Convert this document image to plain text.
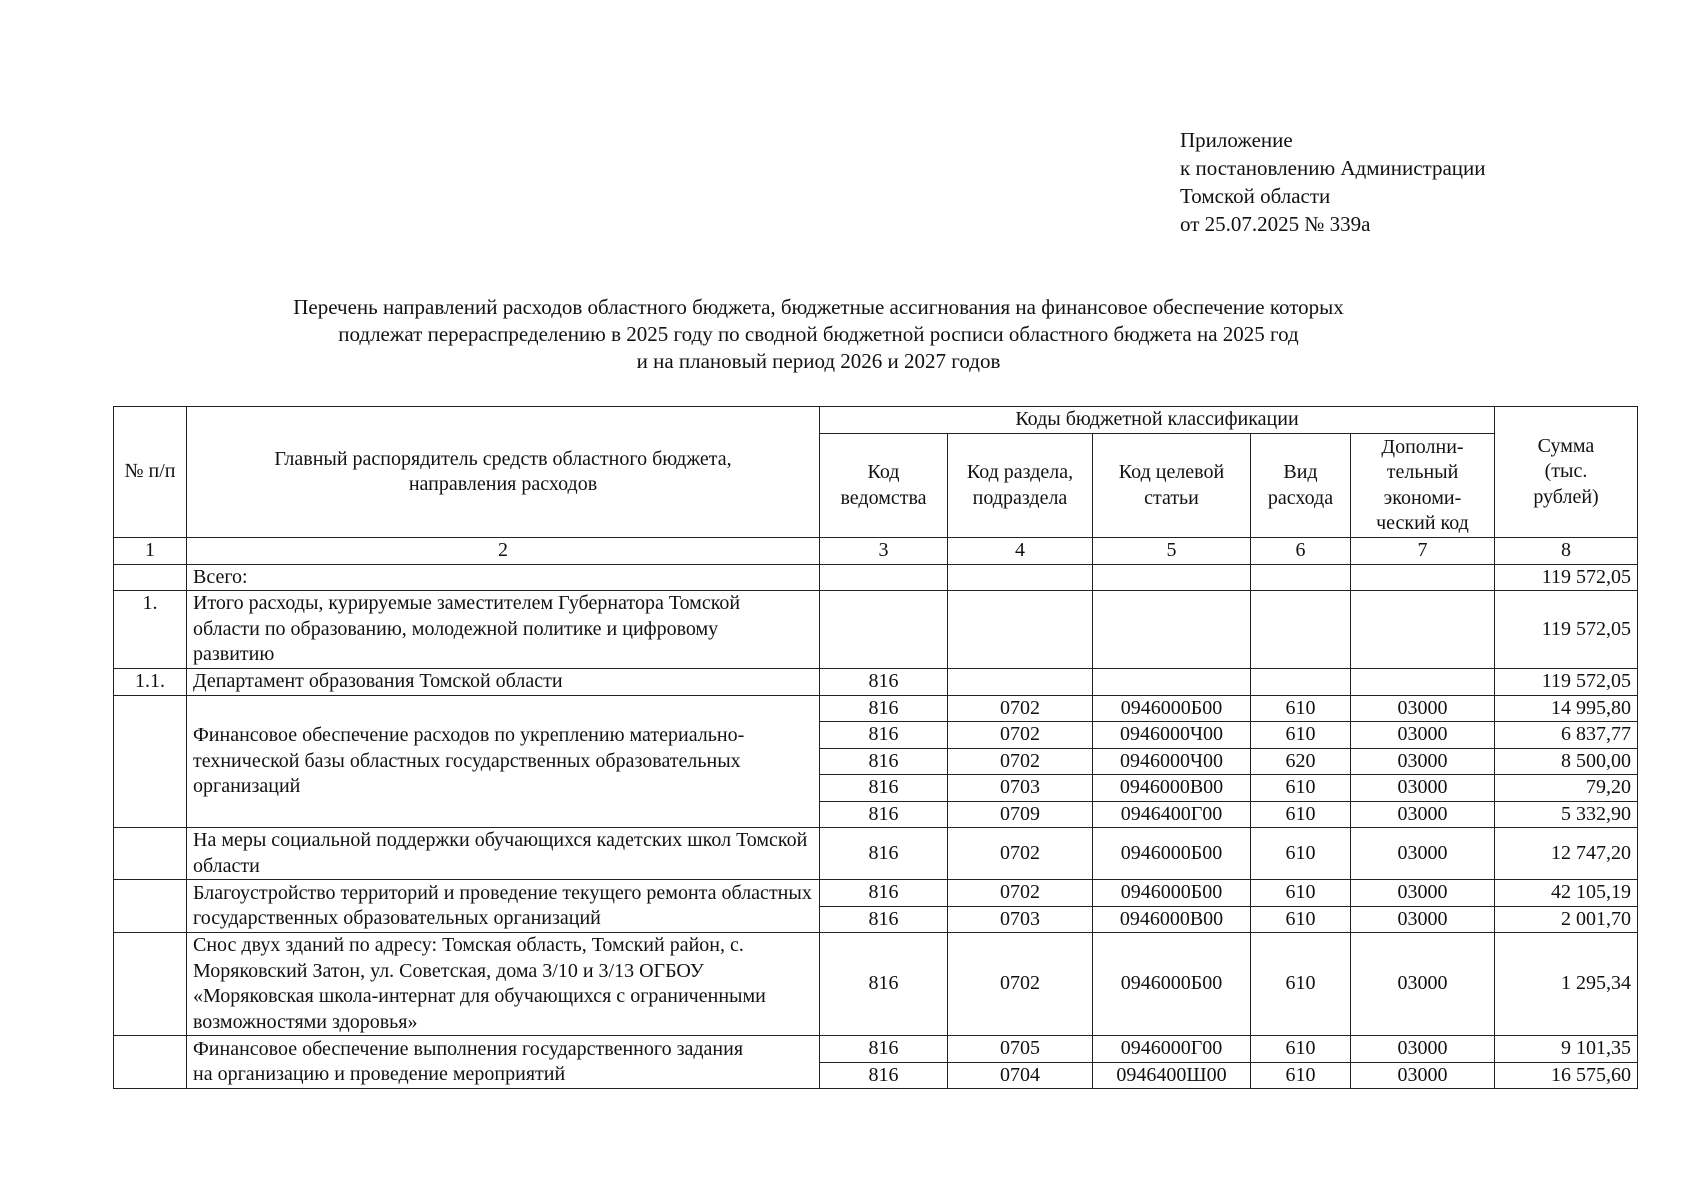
Приложение
к постановлению Администрации
Томской области
от 25.07.2025 № 339а
Перечень направлений расходов областного бюджета, бюджетные ассигнования на финансовое обеспечение которых
подлежат перераспределению в 2025 году по сводной бюджетной росписи областного бюджета на 2025 год
и на плановый период 2026 и 2027 годов
№ п/п	Главный распорядитель средств областного бюджета, направления расходов	Коды бюджетной классификации					Сумма (тыс. рублей)
		Код ведомства	Код раздела, подраздела	Код целевой статьи	Вид расхода	Дополни-тельный экономи-ческий код	
1	2	3	4	5	6	7	8
	Всего:						119 572,05
1.	Итого расходы, курируемые заместителем Губернатора Томской области по образованию, молодежной политике и цифровому развитию						119 572,05
1.1.	Департамент образования Томской области	816					119 572,05
	Финансовое обеспечение расходов по укреплению материально-технической базы областных государственных образовательных организаций	816	0702	0946000Б00	610	03000	14 995,80
		816	0702	0946000Ч00	610	03000	6 837,77
		816	0702	0946000Ч00	620	03000	8 500,00
		816	0703	0946000В00	610	03000	79,20
		816	0709	0946400Г00	610	03000	5 332,90
	На меры социальной поддержки обучающихся кадетских школ Томской области	816	0702	0946000Б00	610	03000	12 747,20
	Благоустройство территорий и проведение текущего ремонта областных государственных образовательных организаций	816	0702	0946000Б00	610	03000	42 105,19
		816	0703	0946000В00	610	03000	2 001,70
	Снос двух зданий по адресу: Томская область, Томский район, с. Моряковский Затон, ул. Советская, дома 3/10 и 3/13 ОГБОУ «Моряковская школа-интернат для обучающихся с ограниченными возможностями здоровья»	816	0702	0946000Б00	610	03000	1 295,34
	Финансовое обеспечение выполнения государственного задания на организацию и проведение мероприятий	816	0705	0946000Г00	610	03000	9 101,35
		816	0704	0946400Ш00	610	03000	16 575,60
